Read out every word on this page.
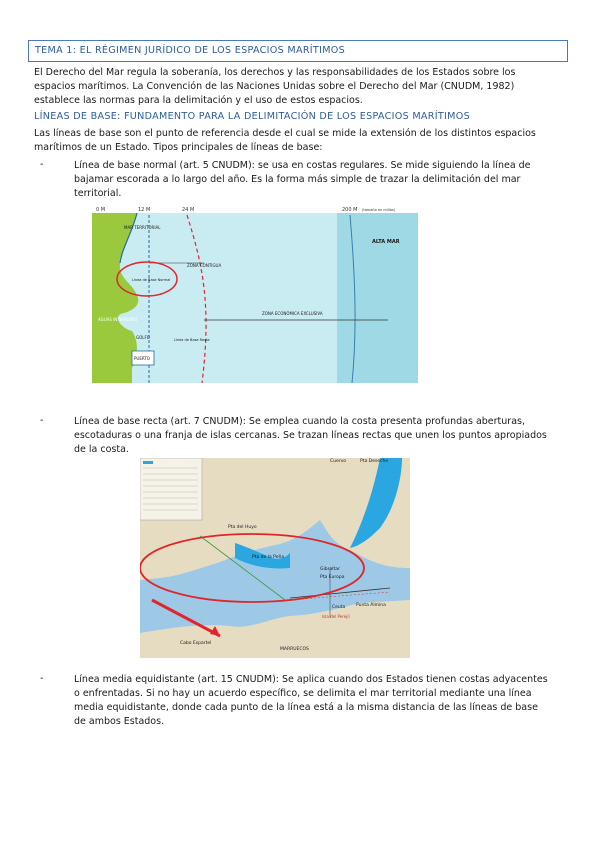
TEMA 1: EL RÉGIMEN JURÍDICO DE LOS ESPACIOS MARÍTIMOS

El Derecho del Mar regula la soberanía, los derechos y las responsabilidades de los Estados sobre los

espacios marítimos. La Convención de las Naciones Unidas sobre el Derecho del Mar (CNUDM, 1982)

establece las normas para la delimitación y el uso de estos espacios.

LÍNEAS DE BASE: FUNDAMENTO PARA LA DELIMITACIÓN DE LOS ESPACIOS MARÍTIMOS

Las líneas de base son el punto de referencia desde el cual se mide la extensión de los distintos espacios

marítimos de un Estado. Tipos principales de líneas de base:

-	Línea de base normal (art. 5 CNUDM): se usa en costas regulares. Se mide siguiendo la línea de

bajamar escorada a lo largo del año. Es la forma más simple de trazar la delimitación del mar

territorial.

0 M	12 M	24 M	200 M (tamaño en millas)
MAR TERRITORIAL
ZONA CONTIGUA
ZONA ECONÓMICA EXCLUSIVA
ALTA MAR
AGUAS INTERIORES
GOLFO
PUERTO
Línea de Base Normal
Línea de Base Recta
-	Línea de base recta (art. 7 CNUDM): Se emplea cuando la costa presenta profundas aberturas,

escotaduras o una franja de islas cercanas. Se trazan líneas rectas que unen los puntos apropiados

de la costa.

Cuervo	Pta Deseche
Pta del Huyo
Pta de la Peña
Gibraltar
Pta Europa
Ceuta Punta Almina
Isla del Perejil
Cabo Espartel
MARRUECOS
-	Línea media equidistante (art. 15 CNUDM): Se aplica cuando dos Estados tienen costas adyacentes

o enfrentadas. Si no hay un acuerdo específico, se delimita el mar territorial mediante una línea

media equidistante, donde cada punto de la línea está a la misma distancia de las líneas de base

de ambos Estados.
